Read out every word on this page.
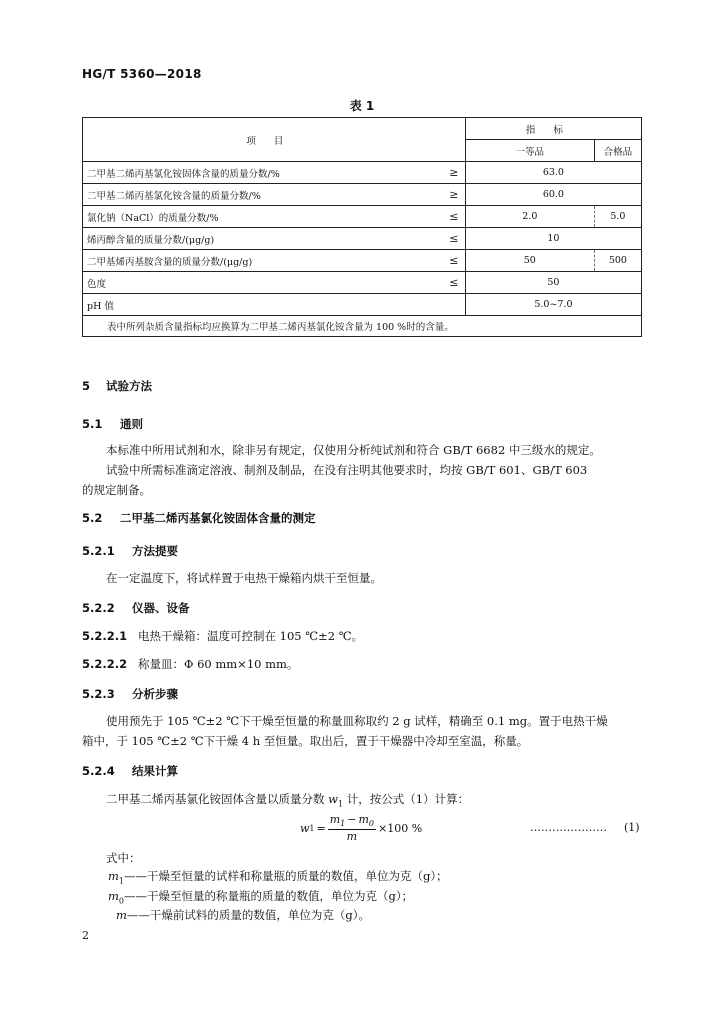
HG/T 5360—2018
表 1
项目		指标	
		一等品	合格品
二甲基二烯丙基氯化铵固体含量的质量分数/%	≥	63.0	
二甲基二烯丙基氯化铵含量的质量分数/%	≥	60.0	
氯化钠（NaCl）的质量分数/%	≤	2.0	5.0
烯丙醇含量的质量分数/(μg/g)	≤	10	
二甲基烯丙基胺含量的质量分数/(μg/g)	≤	50	500
色度	≤	50	
pH 值		5.0~7.0	
表中所列杂质含量指标均应换算为二甲基二烯丙基氯化铵含量为 100 %时的含量。			
5 试验方法
5.1 通则
本标准中所用试剂和水，除非另有规定，仅使用分析纯试剂和符合 GB/T 6682 中三级水的规定。
试验中所需标准滴定溶液、制剂及制品，在没有注明其他要求时，均按 GB/T 601、GB/T 603
的规定制备。
5.2 二甲基二烯丙基氯化铵固体含量的测定
5.2.1 方法提要
在一定温度下，将试样置于电热干燥箱内烘干至恒量。
5.2.2 仪器、设备
5.2.2.1 电热干燥箱：温度可控制在 105 ℃±2 ℃。
5.2.2.2 称量皿：Φ 60 mm×10 mm。
5.2.3 分析步骤
使用预先于 105 ℃±2 ℃下干燥至恒量的称量皿称取约 2 g 试样，精确至 0.1 mg。置于电热干燥
箱中，于 105 ℃±2 ℃下干燥 4 h 至恒量。取出后，置于干燥器中冷却至室温，称量。
5.2.4 结果计算
二甲基二烯丙基氯化铵固体含量以质量分数 $w_1$ 计，按公式（1）计算：
w $1 = \frac{m_1 - m_0}{m} \times 100$ %	………………… (1)
式中：
$m_1——$干燥至恒量的试样和称量瓶的质量的数值，单位为克（g）；
$m_0——$干燥至恒量的称量瓶的质量的数值，单位为克（g）；
m——干燥前试料的质量的数值，单位为克（g）。
2
